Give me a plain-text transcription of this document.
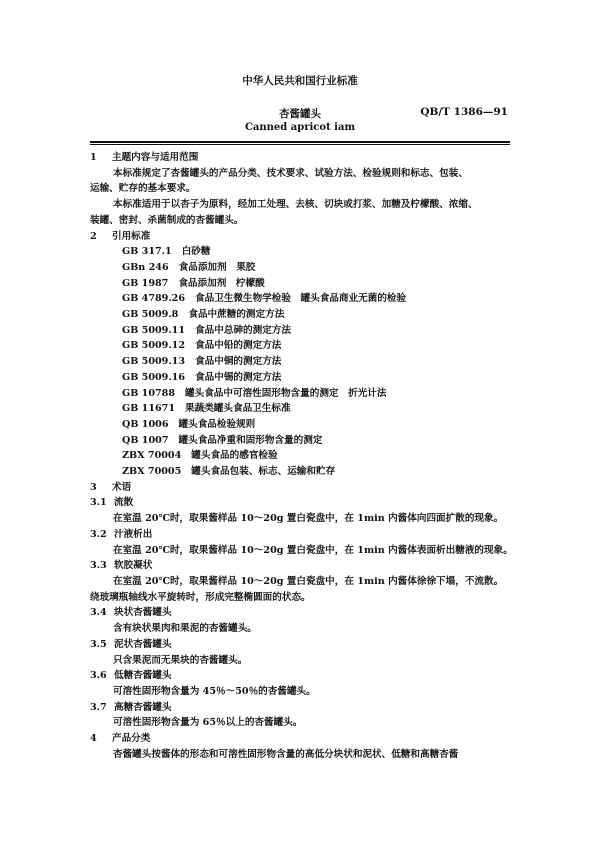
中华人民共和国行业标准
杏酱罐头	QB/T 1386—91
Canned apricot iam
1 主题内容与适用范围
本标准规定了杏酱罐头的产品分类、技术要求、试验方法、检验规则和标志、包装、
运输、贮存的基本要求。
本标准适用于以杏子为原料，经加工处理、去核、切块或打浆、加糖及柠檬酸、浓缩、
装罐、密封、杀菌制成的杏酱罐头。
2 引用标准
GB 317.1 白砂糖
GBn 246 食品添加剂　果胶
GB 1987 食品添加剂　柠檬酸
GB 4789.26 食品卫生微生物学检验　罐头食品商业无菌的检验
GB 5009.8 食品中蔗糖的测定方法
GB 5009.11 食品中总砷的测定方法
GB 5009.12 食品中铅的测定方法
GB 5009.13 食品中铜的测定方法
GB 5009.16 食品中锡的测定方法
GB 10788 罐头食品中可溶性固形物含量的测定　折光计法
GB 11671 果蔬类罐头食品卫生标准
QB 1006 罐头食品检验规则
QB 1007 罐头食品净重和固形物含量的测定
ZBX 70004 罐头食品的感官检验
ZBX 70005 罐头食品包装、标志、运输和贮存
3 术语
3.1 流散
在室温 20℃时，取果酱样品 10～20g 置白瓷盘中，在 1min 内酱体向四面扩散的现象。
3.2 汁液析出
在室温 20℃时，取果酱样品 10～20g 置白瓷盘中，在 1min 内酱体表面析出糖液的现象。
3.3 软胶凝状
在室温 20℃时，取果酱样品 10～20g 置白瓷盘中，在 1min 内酱体徐徐下塌，不流散。
绕玻璃瓶轴线水平旋转时，形成完整椭圆面的状态。
3.4 块状杏酱罐头
含有块状果肉和果泥的杏酱罐头。
3.5 泥状杏酱罐头
只含果泥而无果块的杏酱罐头。
3.6 低糖杏酱罐头
可溶性固形物含量为 45％～50％的杏酱罐头。
3.7 高糖杏酱罐头
可溶性固形物含量为 65％以上的杏酱罐头。
4 产品分类
杏酱罐头按酱体的形态和可溶性固形物含量的高低分块状和泥状、低糖和高糖杏酱
